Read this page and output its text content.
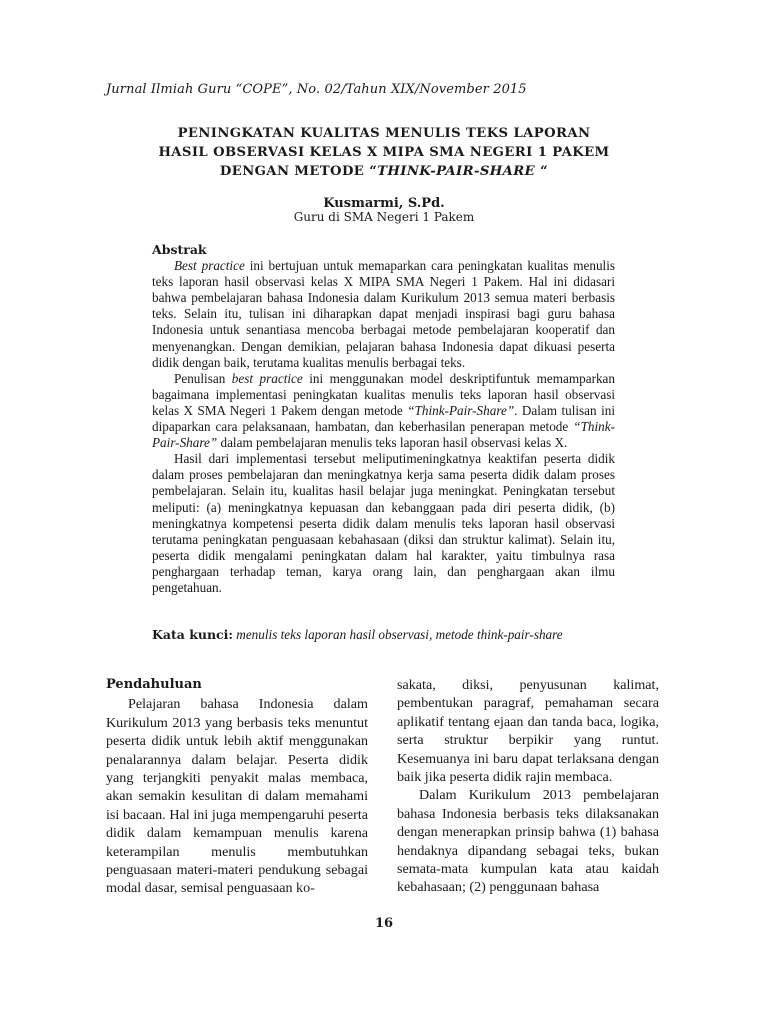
Jurnal Ilmiah Guru “COPE”, No. 02/Tahun XIX/November 2015
PENINGKATAN KUALITAS MENULIS TEKS LAPORAN
HASIL OBSERVASI KELAS X MIPA SMA NEGERI 1 PAKEM
DENGAN METODE “THINK-PAIR-SHARE “
Kusmarmi, S.Pd.
Guru di SMA Negeri 1 Pakem
Abstrak

Best practice ini bertujuan untuk memaparkan cara peningkatan kualitas menulis teks laporan hasil observasi kelas X MIPA SMA Negeri 1 Pakem. Hal ini didasari bahwa pembelajaran bahasa Indonesia dalam Kurikulum 2013 semua materi berbasis teks. Selain itu, tulisan ini diharapkan dapat menjadi inspirasi bagi guru bahasa Indonesia untuk senantiasa mencoba berbagai metode pembelajaran kooperatif dan menyenangkan. Dengan demikian, pelajaran bahasa Indonesia dapat dikuasi peserta didik dengan baik, terutama kualitas menulis berbagai teks.

Penulisan best practice ini menggunakan model deskriptifuntuk memamparkan bagaimana implementasi peningkatan kualitas menulis teks laporan hasil observasi kelas X SMA Negeri 1 Pakem dengan metode “Think-Pair-Share”. Dalam tulisan ini dipaparkan cara pelaksanaan, hambatan, dan keberhasilan penerapan metode “Think-Pair-Share” dalam pembelajaran menulis teks laporan hasil observasi kelas X.

Hasil dari implementasi tersebut meliputimeningkatnya keaktifan peserta didik dalam proses pembelajaran dan meningkatnya kerja sama peserta didik dalam proses pembelajaran. Selain itu, kualitas hasil belajar juga meningkat. Peningkatan tersebut meliputi: (a) meningkatnya kepuasan dan kebanggaan pada diri peserta didik, (b) meningkatnya kompetensi peserta didik dalam menulis teks laporan hasil observasi terutama peningkatan penguasaan kebahasaan (diksi dan struktur kalimat). Selain itu, peserta didik mengalami peningkatan dalam hal karakter, yaitu timbulnya rasa penghargaan terhadap teman, karya orang lain, dan penghargaan akan ilmu pengetahuan.

Kata kunci: menulis teks laporan hasil observasi, metode think-pair-share
Pendahuluan

Pelajaran bahasa Indonesia dalam Kurikulum 2013 yang berbasis teks menuntut peserta didik untuk lebih aktif menggunakan penalarannya dalam belajar. Peserta didik yang terjangkiti penyakit malas membaca, akan semakin kesulitan di dalam memahami isi bacaan. Hal ini juga mempengaruhi peserta didik dalam kemampuan menulis karena keterampilan menulis membutuhkan penguasaan materi-materi pendukung sebagai modal dasar, semisal penguasaan ko-

sakata, diksi, penyusunan kalimat, pembentukan paragraf, pemahaman secara aplikatif tentang ejaan dan tanda baca, logika, serta struktur berpikir yang runtut. Kesemuanya ini baru dapat terlaksana dengan baik jika peserta didik rajin membaca.

Dalam Kurikulum 2013 pembelajaran bahasa Indonesia berbasis teks dilaksanakan dengan menerapkan prinsip bahwa (1) bahasa hendaknya dipandang sebagai teks, bukan semata-mata kumpulan kata atau kaidah kebahasaan; (2) penggunaan bahasa

16
